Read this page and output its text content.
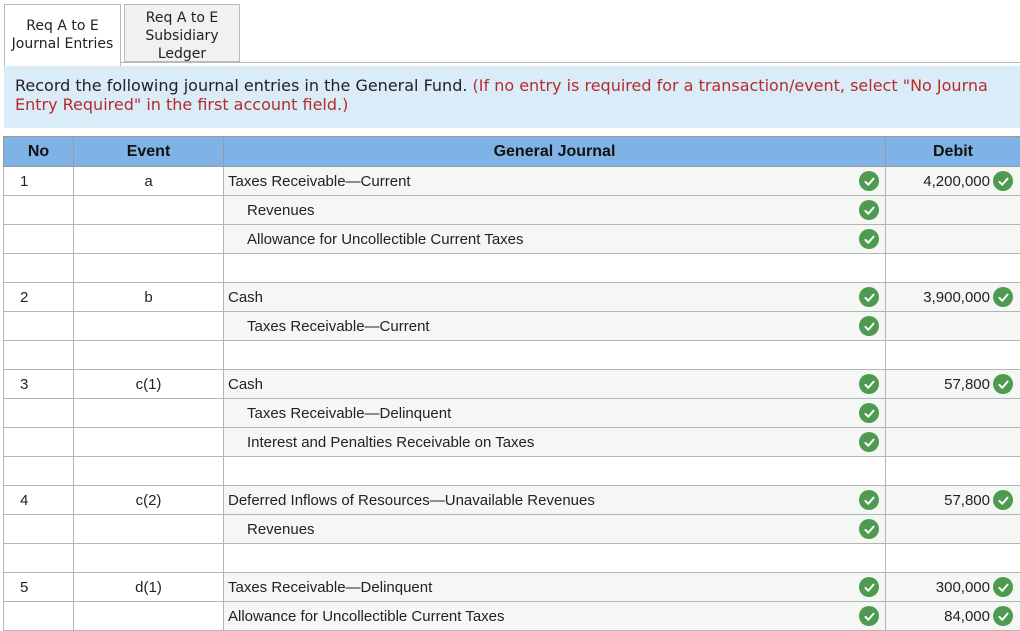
Req A to E
Journal Entries
Req A to E
Subsidiary
Ledger
Record the following journal entries in the General Fund. (If no entry is required for a transaction/event, select "No Journa
Entry Required" in the first account field.)
No	Event	General Journal	Debit
1	a	Taxes Receivable—Current	4,200,000

		Revenues

		Allowance for Uncollectible Current Taxes

2	b	Cash	3,900,000

		Taxes Receivable—Current

3	c(1)	Cash	57,800

		Taxes Receivable—Delinquent

		Interest and Penalties Receivable on Taxes

4	c(2)	Deferred Inflows of Resources—Unavailable Revenues	57,800

		Revenues

5	d(1)	Taxes Receivable—Delinquent	300,000

		Allowance for Uncollectible Current Taxes	84,000
